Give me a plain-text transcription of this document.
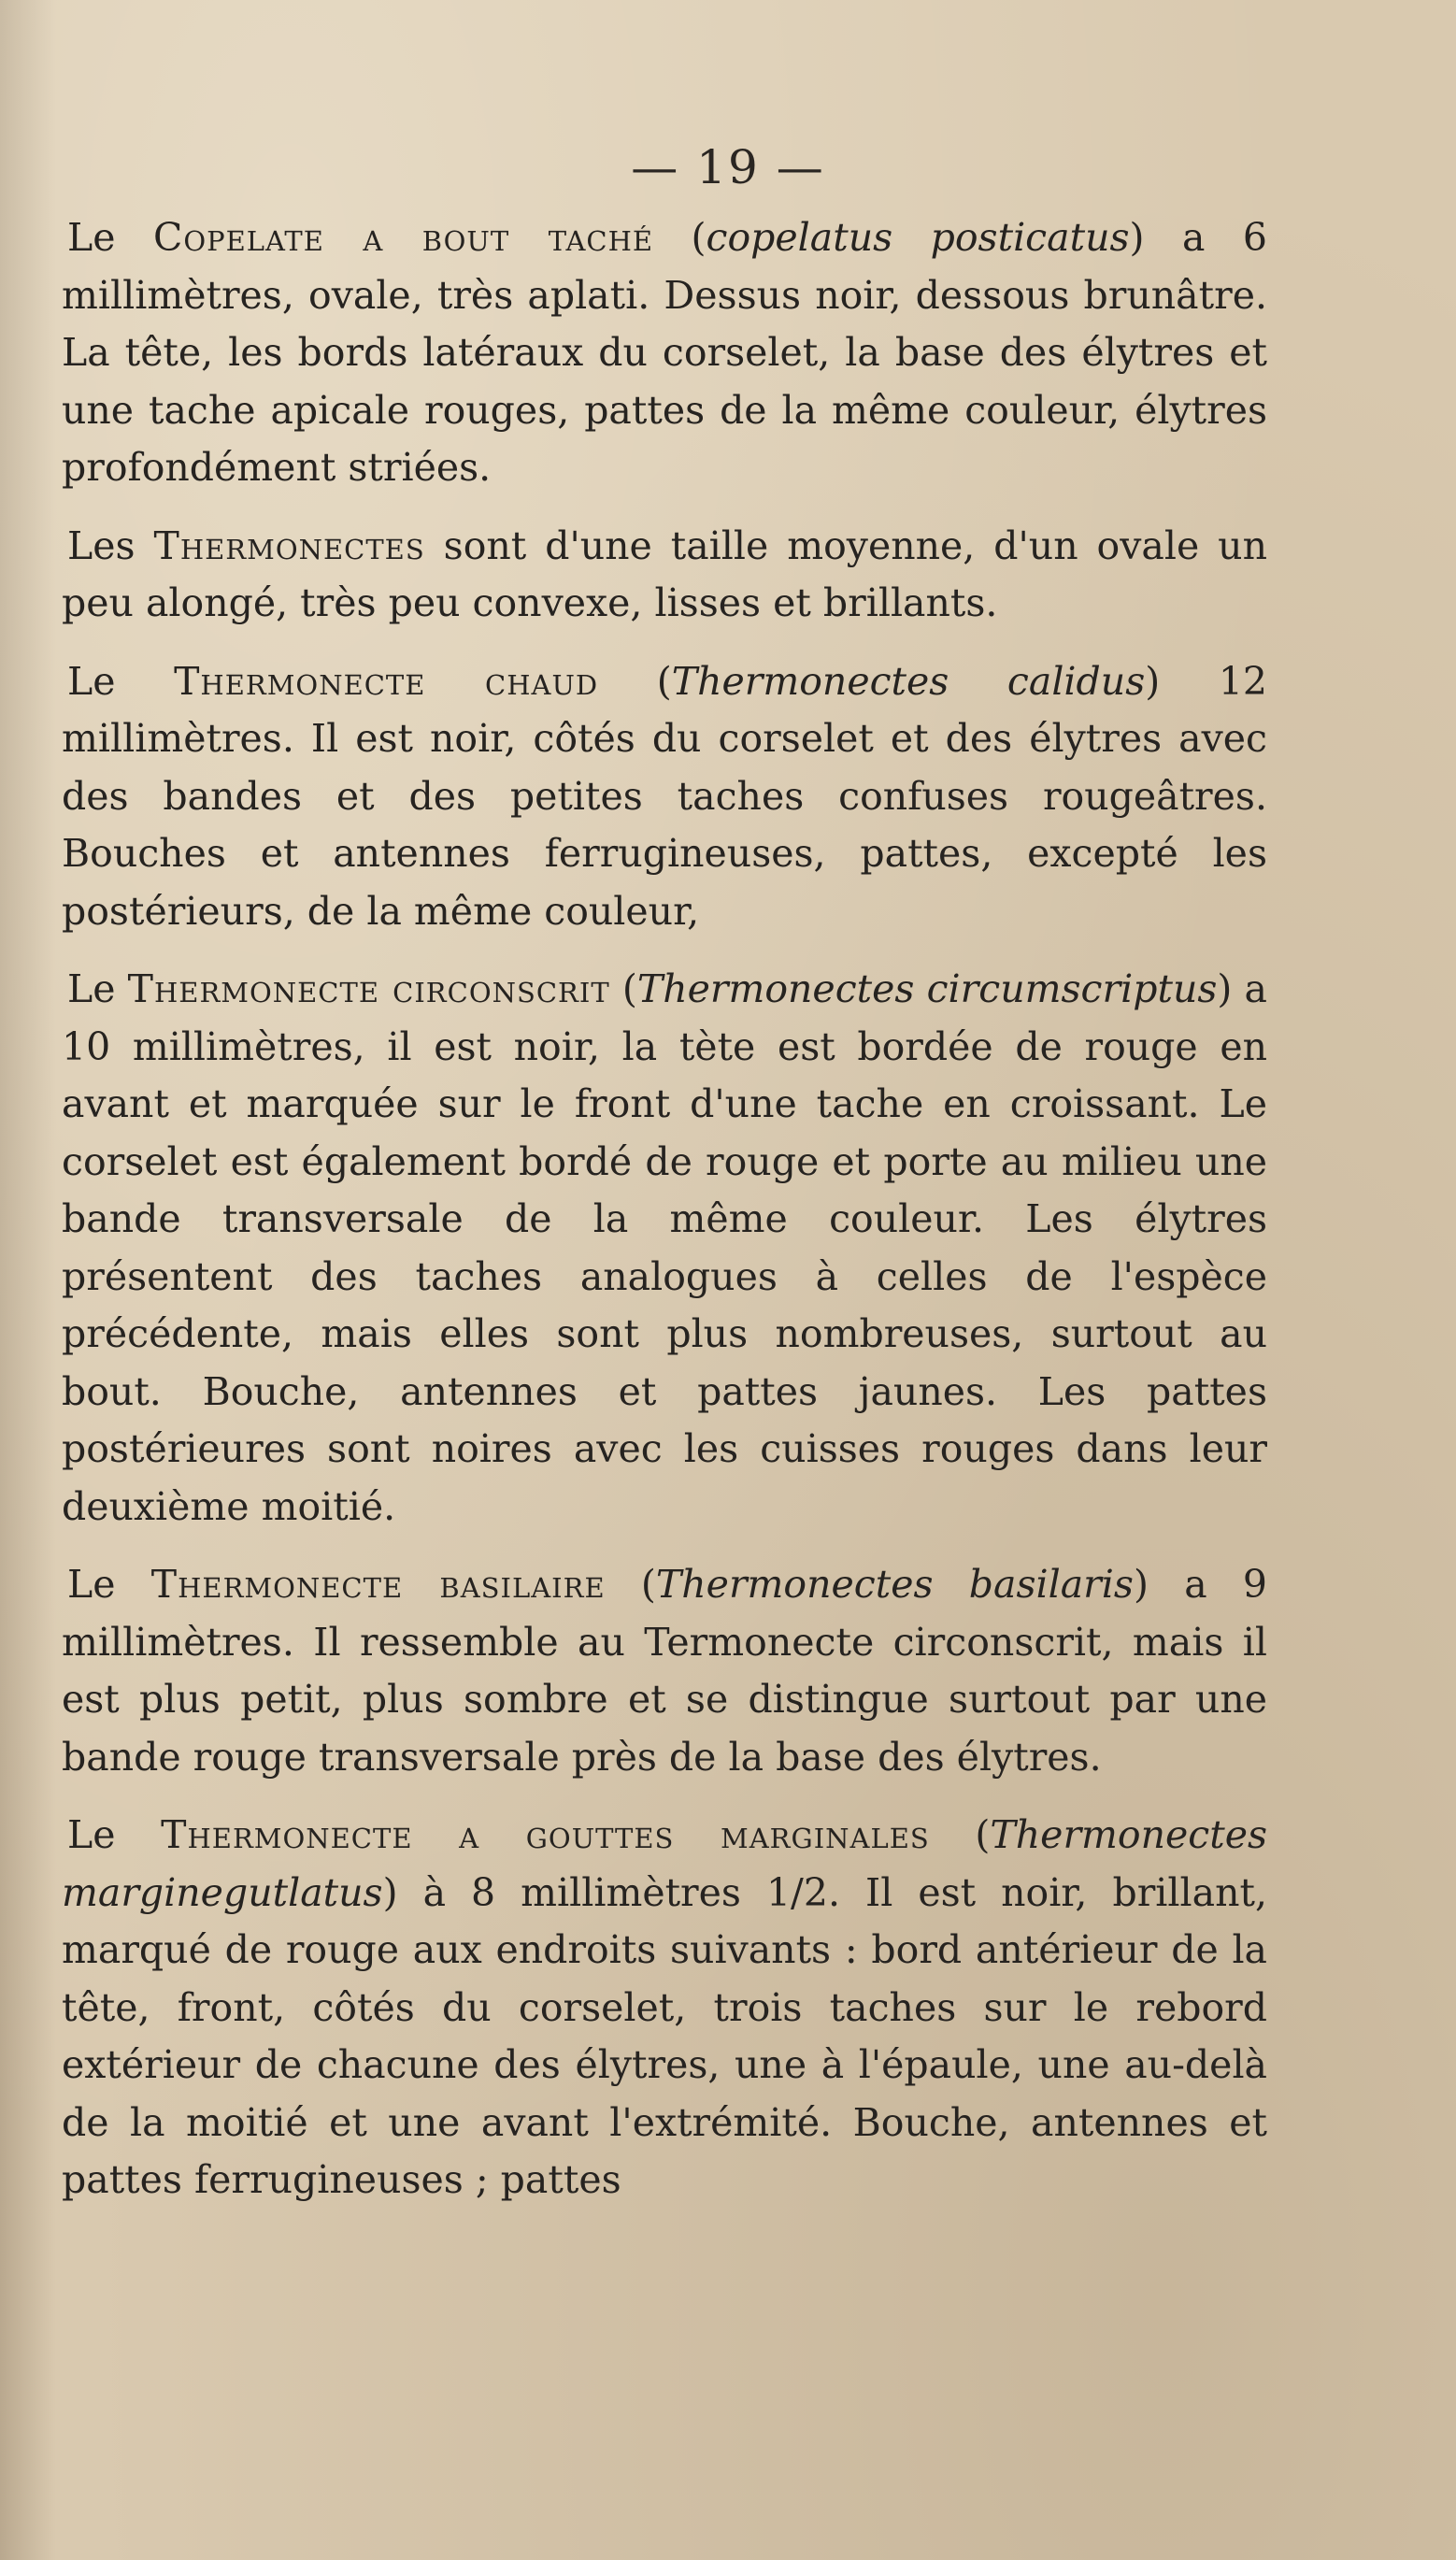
— 19 —

Le Copelate a bout taché (copelatus posticatus) a 6 millimètres, ovale, très aplati. Dessus noir, dessous brunâtre. La tête, les bords latéraux du corselet, la base des élytres et une tache apicale rouges, pattes de la même couleur, élytres profondément striées.

Les Thermonectes sont d'une taille moyenne, d'un ovale un peu alongé, très peu convexe, lisses et brillants.

Le Thermonecte chaud (Thermonectes calidus) 12 millimètres. Il est noir, côtés du corselet et des élytres avec des bandes et des petites taches confuses rougeâtres. Bouches et antennes ferrugineuses, pattes, excepté les postérieurs, de la même couleur,

Le Thermonecte circonscrit (Thermonectes circumscriptus) a 10 millimètres, il est noir, la tète est bordée de rouge en avant et marquée sur le front d'une tache en croissant. Le corselet est également bordé de rouge et porte au milieu une bande transversale de la même couleur. Les élytres présentent des taches analogues à celles de l'espèce précédente, mais elles sont plus nombreuses, surtout au bout. Bouche, antennes et pattes jaunes. Les pattes postérieures sont noires avec les cuisses rouges dans leur deuxième moitié.

Le Thermonecte basilaire (Thermonectes basilaris) a 9 millimètres. Il ressemble au Termonecte circonscrit, mais il est plus petit, plus sombre et se distingue surtout par une bande rouge transversale près de la base des élytres.

Le Thermonecte a gouttes marginales (Thermonectes marginegutlatus) à 8 millimètres 1/2. Il est noir, brillant, marqué de rouge aux endroits suivants : bord antérieur de la tête, front, côtés du corselet, trois taches sur le rebord extérieur de chacune des élytres, une à l'épaule, une au-delà de la moitié et une avant l'extrémité. Bouche, antennes et pattes ferrugineuses ; pattes
